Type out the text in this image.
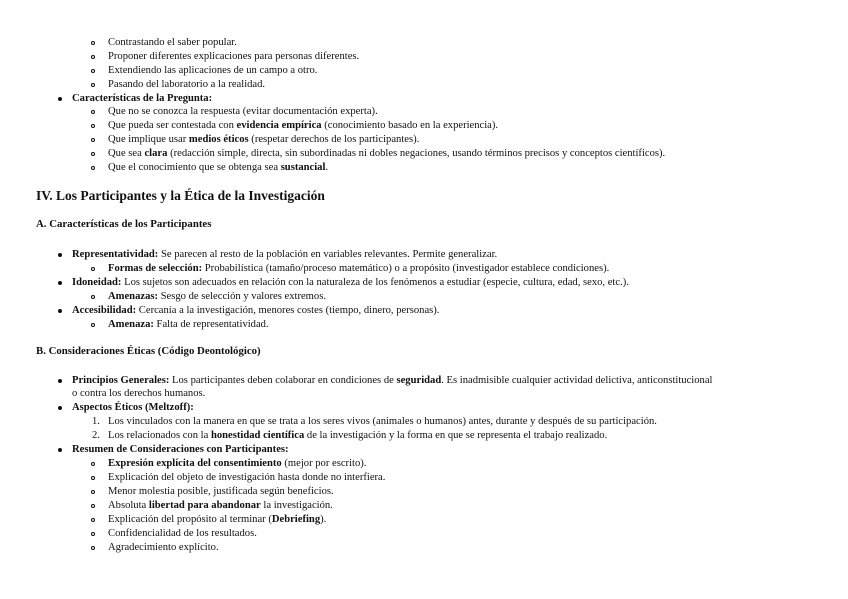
Contrastando el saber popular.
Proponer diferentes explicaciones para personas diferentes.
Extendiendo las aplicaciones de un campo a otro.
Pasando del laboratorio a la realidad.
Características de la Pregunta:
Que no se conozca la respuesta (evitar documentación experta).
Que pueda ser contestada con evidencia empírica (conocimiento basado en la experiencia).
Que implique usar medios éticos (respetar derechos de los participantes).
Que sea clara (redacción simple, directa, sin subordinadas ni dobles negaciones, usando términos precisos y conceptos científicos).
Que el conocimiento que se obtenga sea sustancial.
IV. Los Participantes y la Ética de la Investigación
A. Características de los Participantes
Representatividad: Se parecen al resto de la población en variables relevantes. Permite generalizar.
Formas de selección: Probabilística (tamaño/proceso matemático) o a propósito (investigador establece condiciones).
Idoneidad: Los sujetos son adecuados en relación con la naturaleza de los fenómenos a estudiar (especie, cultura, edad, sexo, etc.).
Amenazas: Sesgo de selección y valores extremos.
Accesibilidad: Cercanía a la investigación, menores costes (tiempo, dinero, personas).
Amenaza: Falta de representatividad.
B. Consideraciones Éticas (Código Deontológico)
Principios Generales: Los participantes deben colaborar en condiciones de seguridad. Es inadmisible cualquier actividad delictiva, anticonstitucional
o contra los derechos humanos.
Aspectos Éticos (Meltzoff):
1. Los vinculados con la manera en que se trata a los seres vivos (animales o humanos) antes, durante y después de su participación.
2. Los relacionados con la honestidad científica de la investigación y la forma en que se representa el trabajo realizado.
Resumen de Consideraciones con Participantes:
Expresión explícita del consentimiento (mejor por escrito).
Explicación del objeto de investigación hasta donde no interfiera.
Menor molestia posible, justificada según beneficios.
Absoluta libertad para abandonar la investigación.
Explicación del propósito al terminar (Debriefing).
Confidencialidad de los resultados.
Agradecimiento explícito.
